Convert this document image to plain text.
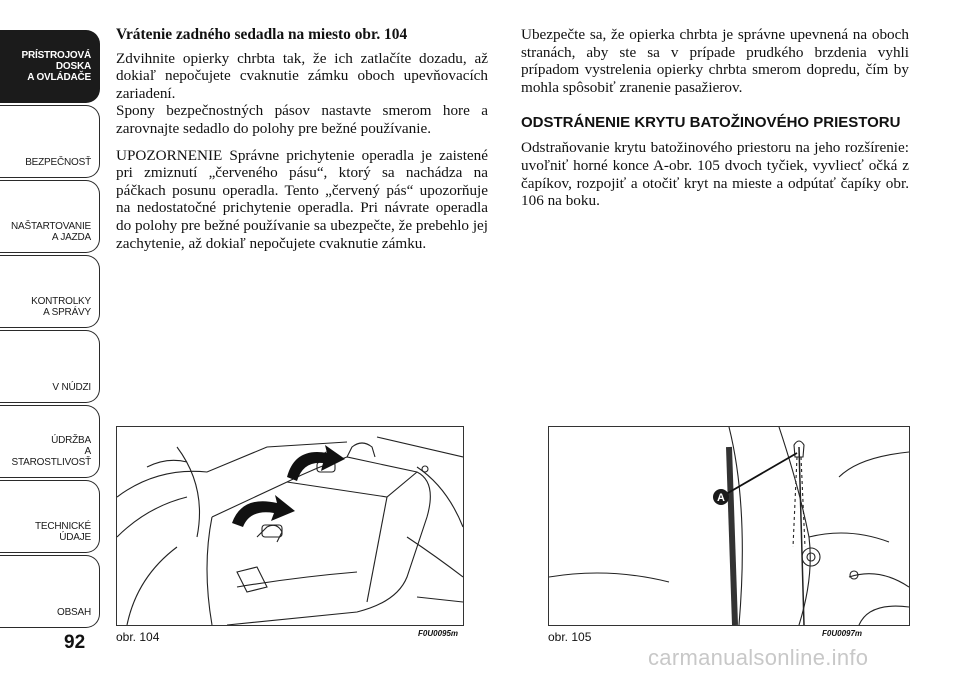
PRÍSTROJOVÁ
DOSKA
A OVLÁDAČE
BEZPEČNOSŤ
NAŠTARTOVANIE
A JAZDA
KONTROLKY
A SPRÁVY
V NÚDZI
ÚDRŽBA
A STAROSTLIVOSŤ
TECHNICKÉ ÚDAJE
OBSAH
92
Vrátenie zadného sedadla na miesto obr. 104

Zdvihnite opierky chrbta tak, že ich zatlačíte dozadu, až dokiaľ nepočujete cvaknutie zámku oboch upevňovacích zariadení.

Spony bezpečnostných pásov nastavte smerom hore a zarovnajte sedadlo do polohy pre bežné používanie.

UPOZORNENIE Správne prichytenie operadla je zaistené pri zmiznutí „červeného pásu“, ktorý sa nachádza na páčkach posunu operadla. Tento „červený pás“ upozorňuje na nedostatočné prichytenie operadla. Pri návrate operadla do polohy pre bežné používanie sa ubezpečte, že prebehlo jej zachytenie, až dokiaľ nepočujete cvaknutie zámku.

Ubezpečte sa, že opierka chrbta je správne upevnená na oboch stranách, aby ste sa v prípade prudkého brzdenia vyhli prípadom vystrelenia opierky chrbta smerom dopredu, čím by mohla spôsobiť zranenie pasažierov.

ODSTRÁNENIE KRYTU BATOŽINOVÉHO PRIESTORU

Odstraňovanie krytu batožinového priestoru na jeho rozšírenie: uvoľniť horné konce A-obr. 105 dvoch tyčiek, vyvliecť očká z čapíkov, rozpojiť a otočiť kryt na mieste a odpútať čapíky obr. 106 na boku.

obr. 104	F0U0095m
A
obr. 105	F0U0097m
carmanualsonline.info
